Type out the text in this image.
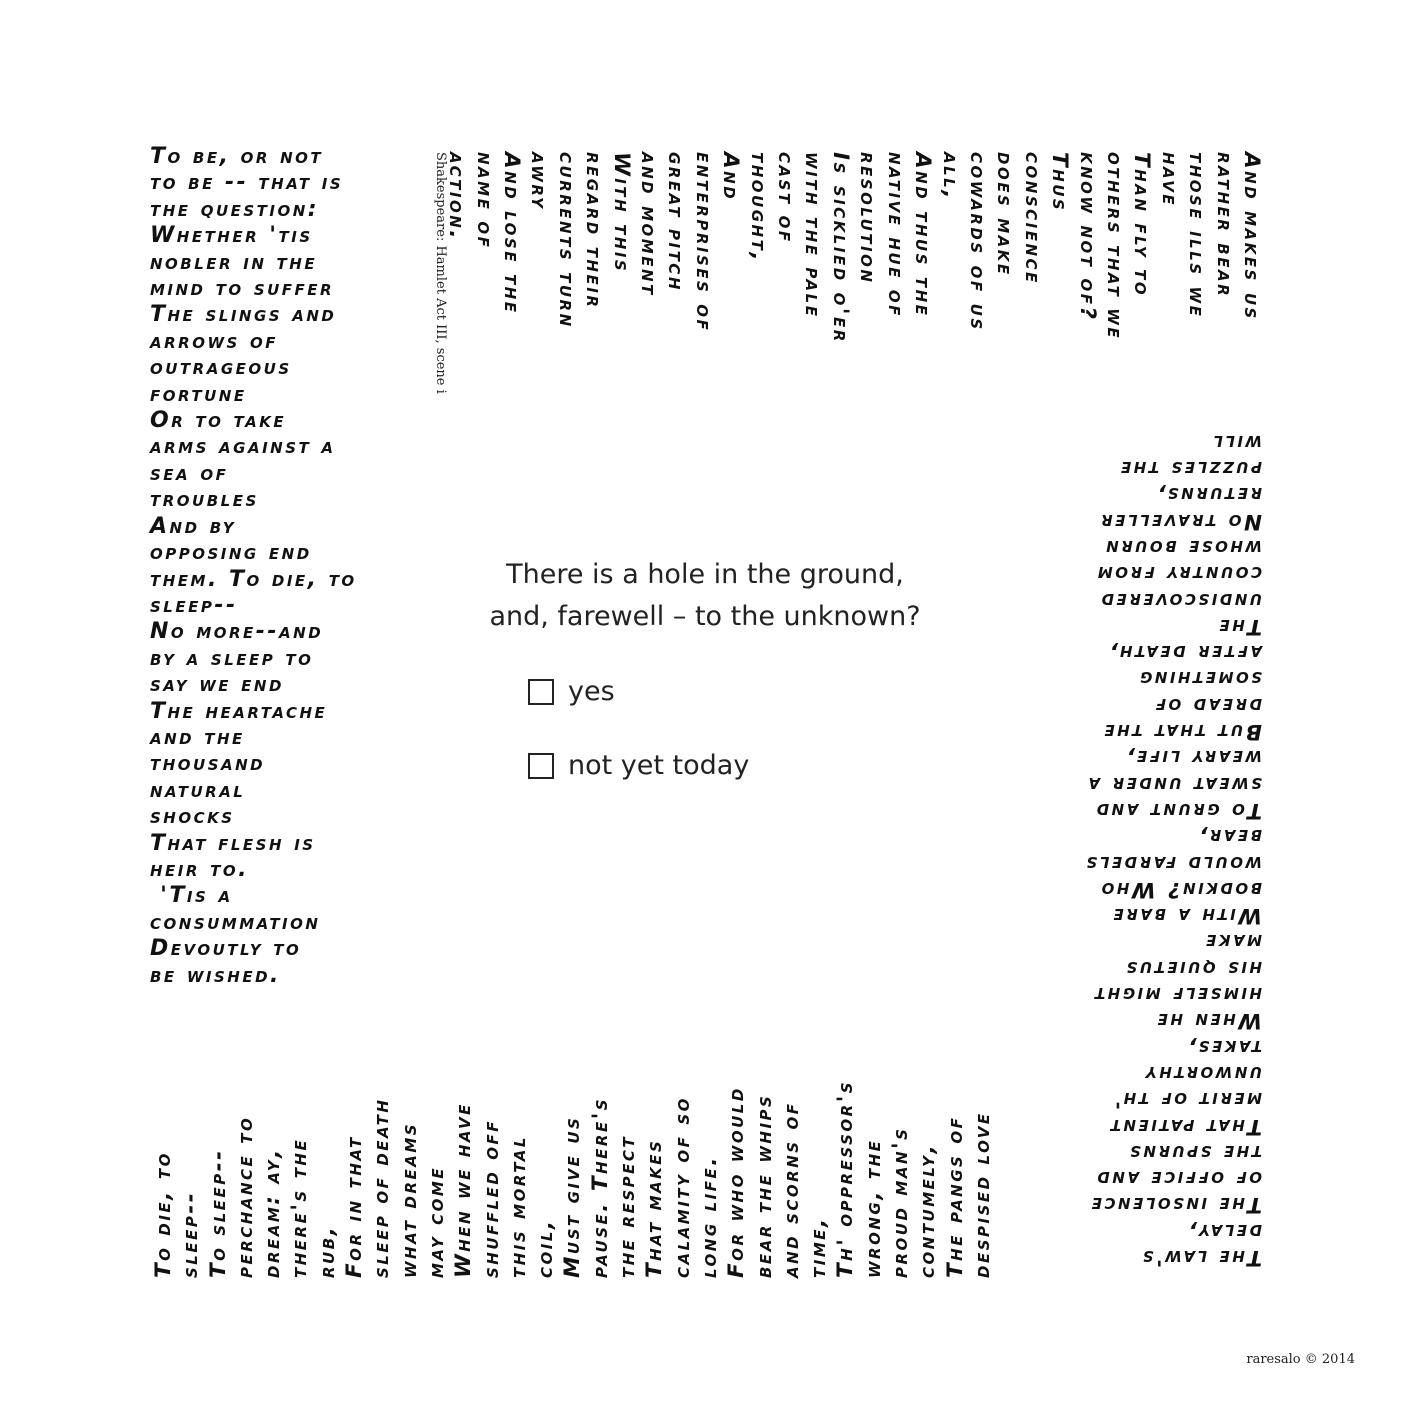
To be, or not
to be -- that is
the question:
Whether 'tis
nobler in the
mind to suffer
The slings and
arrows of
outrageous
fortune
Or to take
arms against a
sea of
troubles
And by
opposing end
them. To die, to
sleep--
No more--and
by a sleep to
say we end
The heartache
and the
thousand
natural
shocks
That flesh is
heir to.
'Tis a
consummation
Devoutly to
be wished.
And makes us
rather bear
those ills we
have
Than fly to
others that we
know not of?
Thus
conscience
does make
cowards of us
all,
And thus the
native hue of
resolution
Is sicklied o'er
with the pale
cast of
thought,
And
enterprises of
great pitch
and moment
With this
regard their
currents turn
awry
And lose the
name of
action.
The law's
delay,
The insolence
of office and
the spurns
That patient
merit of th'
unworthy
takes,
When he
himself might
his quietus
make
With a bare
bodkin? Who
would fardels
bear,
To grunt and
sweat under a
weary life,
But that the
dread of
something
after death,
The
undiscovered
country from
whose bourn
No traveller
returns,
puzzles the
will
To die, to sleep-- To sleep-- perchance to dream: ay, there's the rub, For in that sleep of death what dreams may come When we have shuffled off this mortal coil, Must give us pause. There's the respect That makes calamity of so long life. For who would bear the whips and scorns of time, Th' oppressor's wrong, the proud man's contumely, The pangs of despised love
Shakespeare: Hamlet Act III, scene i
There is a hole in the ground,
and, farewell – to the unknown?
yes
not yet today
raresalo © 2014
